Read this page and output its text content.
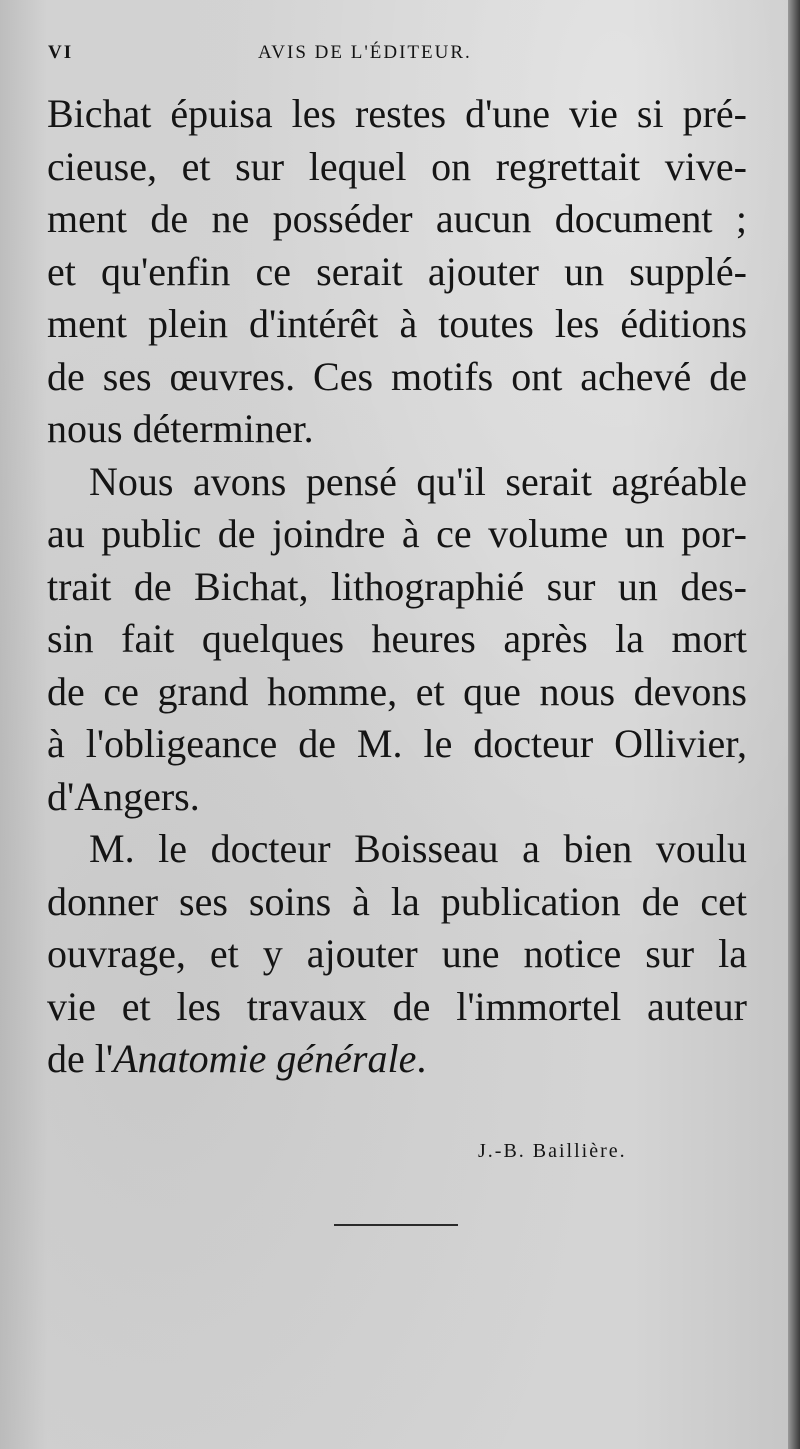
VI	AVIS DE L'ÉDITEUR.
Bichat épuisa les restes d'une vie si pré-
cieuse, et sur lequel on regrettait vive-
ment de ne posséder aucun document ;
et qu'enfin ce serait ajouter un supplé-
ment plein d'intérêt à toutes les éditions
de ses œuvres. Ces motifs ont achevé de
nous déterminer.
Nous avons pensé qu'il serait agréable
au public de joindre à ce volume un por-
trait de Bichat, lithographié sur un des-
sin fait quelques heures après la mort
de ce grand homme, et que nous devons
à l'obligeance de M. le docteur Ollivier,
d'Angers.
M. le docteur Boisseau a bien voulu
donner ses soins à la publication de cet
ouvrage, et y ajouter une notice sur la
vie et les travaux de l'immortel auteur
de l'Anatomie générale.
J.-B. Baillière.
